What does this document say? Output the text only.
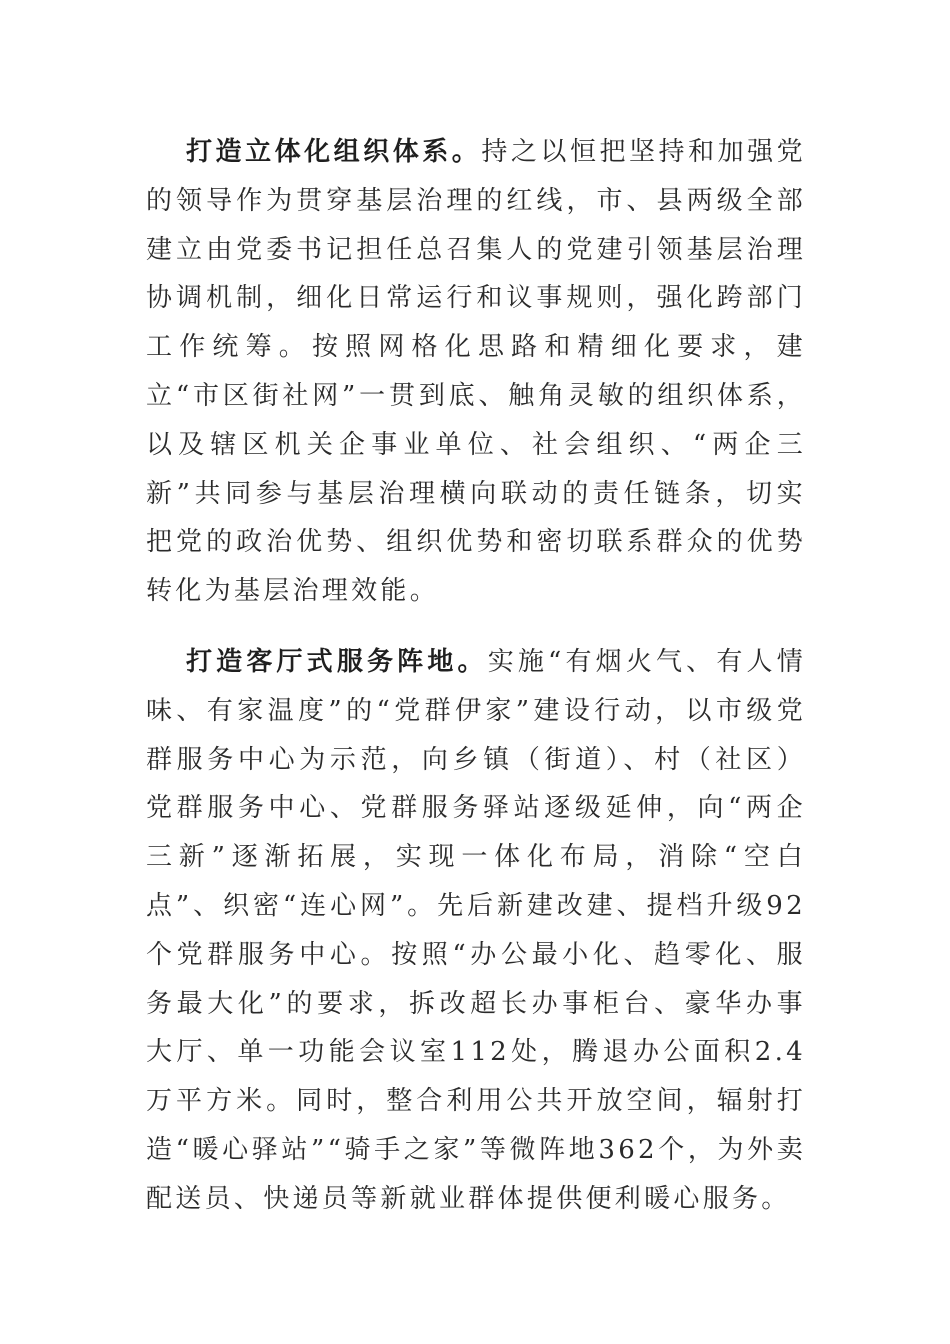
打造立体化组织体系。持之以恒把坚持和加强党的领导作为贯穿基层治理的红线，市、县两级全部建立由党委书记担任总召集人的党建引领基层治理协调机制，细化日常运行和议事规则，强化跨部门工作统筹。按照网格化思路和精细化要求，建立“市区街社网”一贯到底、触角灵敏的组织体系，以及辖区机关企事业单位、社会组织、“两企三新”共同参与基层治理横向联动的责任链条，切实把党的政治优势、组织优势和密切联系群众的优势转化为基层治理效能。

打造客厅式服务阵地。实施“有烟火气、有人情味、有家温度”的“党群伊家”建设行动，以市级党群服务中心为示范，向乡镇（街道）、村（社区）党群服务中心、党群服务驿站逐级延伸，向“两企三新”逐渐拓展，实现一体化布局，消除“空白点”、织密“连心网”。先后新建改建、提档升级92个党群服务中心。按照“办公最小化、趋零化、服务最大化”的要求，拆改超长办事柜台、豪华办事大厅、单一功能会议室112处，腾退办公面积2.4万平方米。同时，整合利用公共开放空间，辐射打造“暖心驿站”“骑手之家”等微阵地362个，为外卖配送员、快递员等新就业群体提供便利暖心服务。
